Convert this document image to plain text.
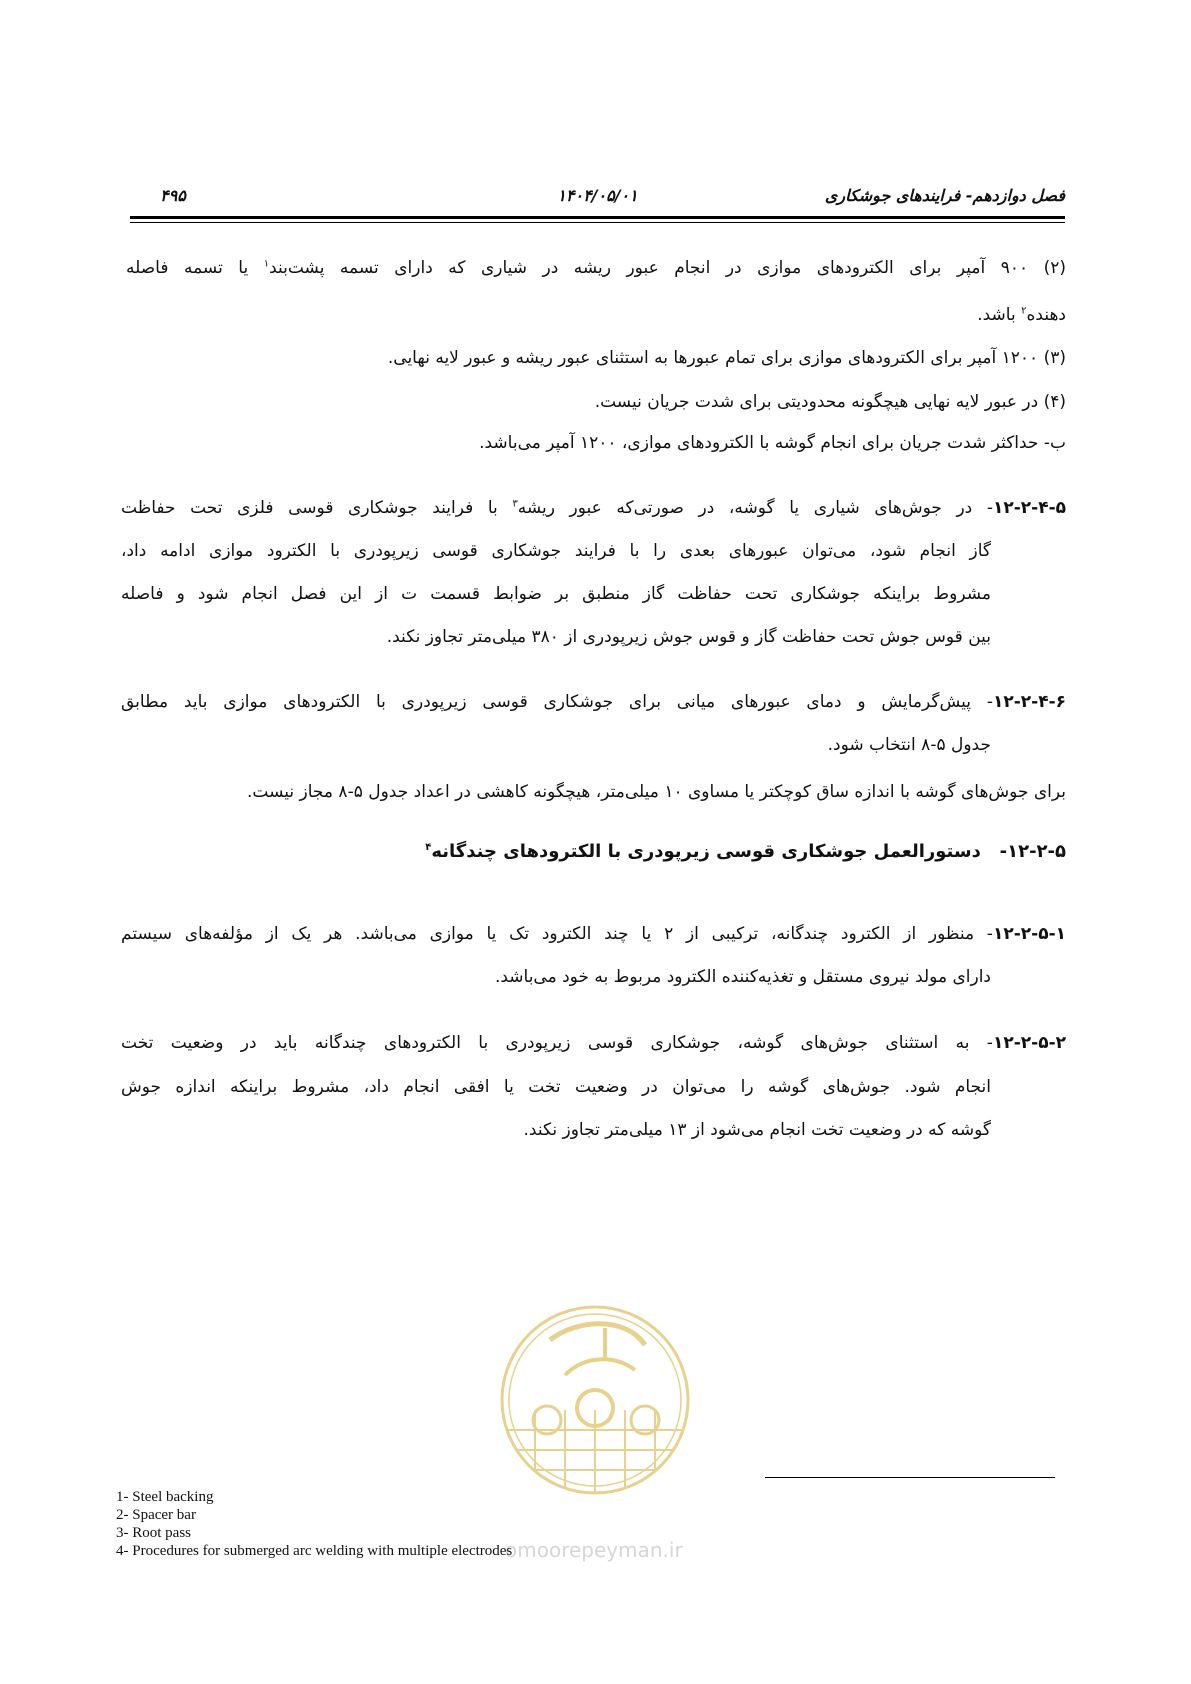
فصل دوازدهم- فرایندهای جوشکاری
۱۴۰۴/۰۵/۰۱
۴۹۵
(۲) ۹۰۰ آمپر برای الکترودهای موازی در انجام عبور ریشه در شیاری که دارای تسمه پشت‌بند$^۱$ یا تسمه فاصله
دهنده$^۲$ باشد.
(۳) ۱۲۰۰ آمپر برای الکترودهای موازی برای تمام عبورها به استثنای عبور ریشه و عبور لایه نهایی.
(۴) در عبور لایه نهایی هیچگونه محدودیتی برای شدت جریان نیست.
ب- حداکثر شدت جریان برای انجام گوشه با الکترودهای موازی، ۱۲۰۰ آمپر می‌باشد.
۱۲-۲-۴-۵- در جوش‌های شیاری یا گوشه، در صورتی‌که عبور ریشه$^۳$ با فرایند جوشکاری قوسی فلزی تحت حفاظت
گاز انجام شود، می‌توان عبورهای بعدی را با فرایند جوشکاری قوسی زیرپودری با الکترود موازی ادامه داد،
مشروط براینکه جوشکاری تحت حفاظت گاز منطبق بر ضوابط قسمت ت از این فصل انجام شود و فاصله
بین قوس جوش تحت حفاظت گاز و قوس جوش زیرپودری از ۳۸۰ میلی‌متر تجاوز نکند.
۱۲-۲-۴-۶- پیش‌گرمایش و دمای عبورهای میانی برای جوشکاری قوسی زیرپودری با الکترودهای موازی باید مطابق
جدول ۵-۸ انتخاب شود.
برای جوش‌های گوشه با اندازه ساق کوچکتر یا مساوی ۱۰ میلی‌متر، هیچگونه کاهشی در اعداد جدول ۵-۸ مجاز نیست.
۱۲-۲-۵-   دستورالعمل جوشکاری قوسی زیرپودری با الکترودهای چندگانه$^۴$
۱۲-۲-۵-۱- منظور از الکترود چندگانه، ترکیبی از ۲ یا چند الکترود تک یا موازی می‌باشد. هر یک از مؤلفه‌های سیستم
دارای مولد نیروی مستقل و تغذیه‌کننده الکترود مربوط به خود می‌باشد.
۱۲-۲-۵-۲- به استثنای جوش‌های گوشه، جوشکاری قوسی زیرپودری با الکترودهای چندگانه باید در وضعیت تخت
انجام شود. جوش‌های گوشه را می‌توان در وضعیت تخت یا افقی انجام داد، مشروط براینکه اندازه جوش
گوشه که در وضعیت تخت انجام می‌شود از ۱۳ میلی‌متر تجاوز نکند.
omoorepeyman.ir
1- Steel backing
2- Spacer bar
3- Root pass
4- Procedures for submerged arc welding with multiple electrodes
